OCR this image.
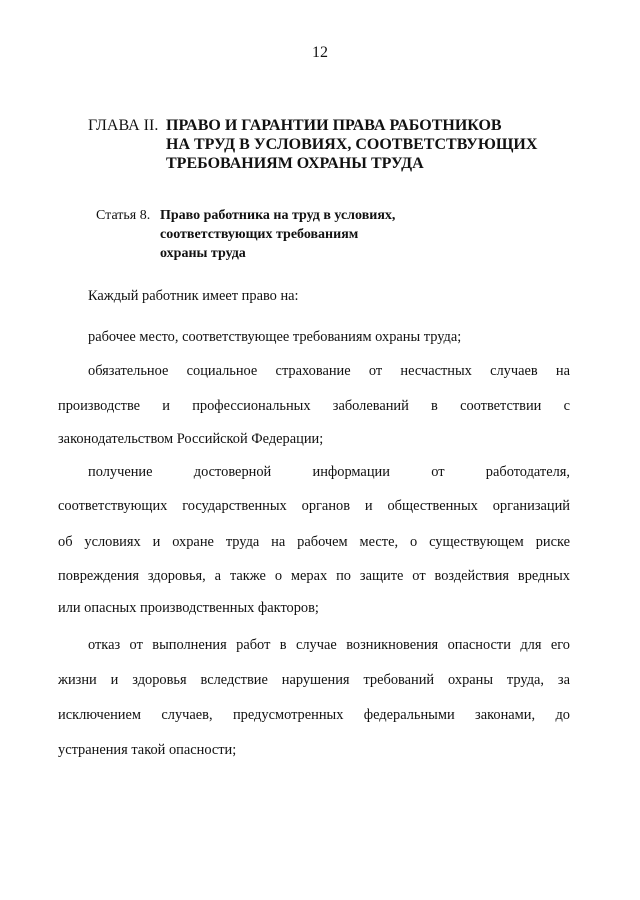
12
ГЛАВА II. ПРАВО И ГАРАНТИИ ПРАВА РАБОТНИКОВ
НА ТРУД В УСЛОВИЯХ, СООТВЕТСТВУЮЩИХ
ТРЕБОВАНИЯМ ОХРАНЫ ТРУДА
Статья 8. Право работника на труд в условиях,
соответствующих требованиям
охраны труда
Каждый работник имеет право на:
рабочее место, соответствующее требованиям охраны труда;
обязательное социальное страхование от несчастных случаев на
производстве и профессиональных заболеваний в соответствии с
законодательством Российской Федерации;
получение достоверной информации от работодателя,
соответствующих государственных органов и общественных организаций
об условиях и охране труда на рабочем месте, о существующем риске
повреждения здоровья, а также о мерах по защите от воздействия вредных
или опасных производственных факторов;
отказ от выполнения работ в случае возникновения опасности для его
жизни и здоровья вследствие нарушения требований охраны труда, за
исключением случаев, предусмотренных федеральными законами, до
устранения такой опасности;
